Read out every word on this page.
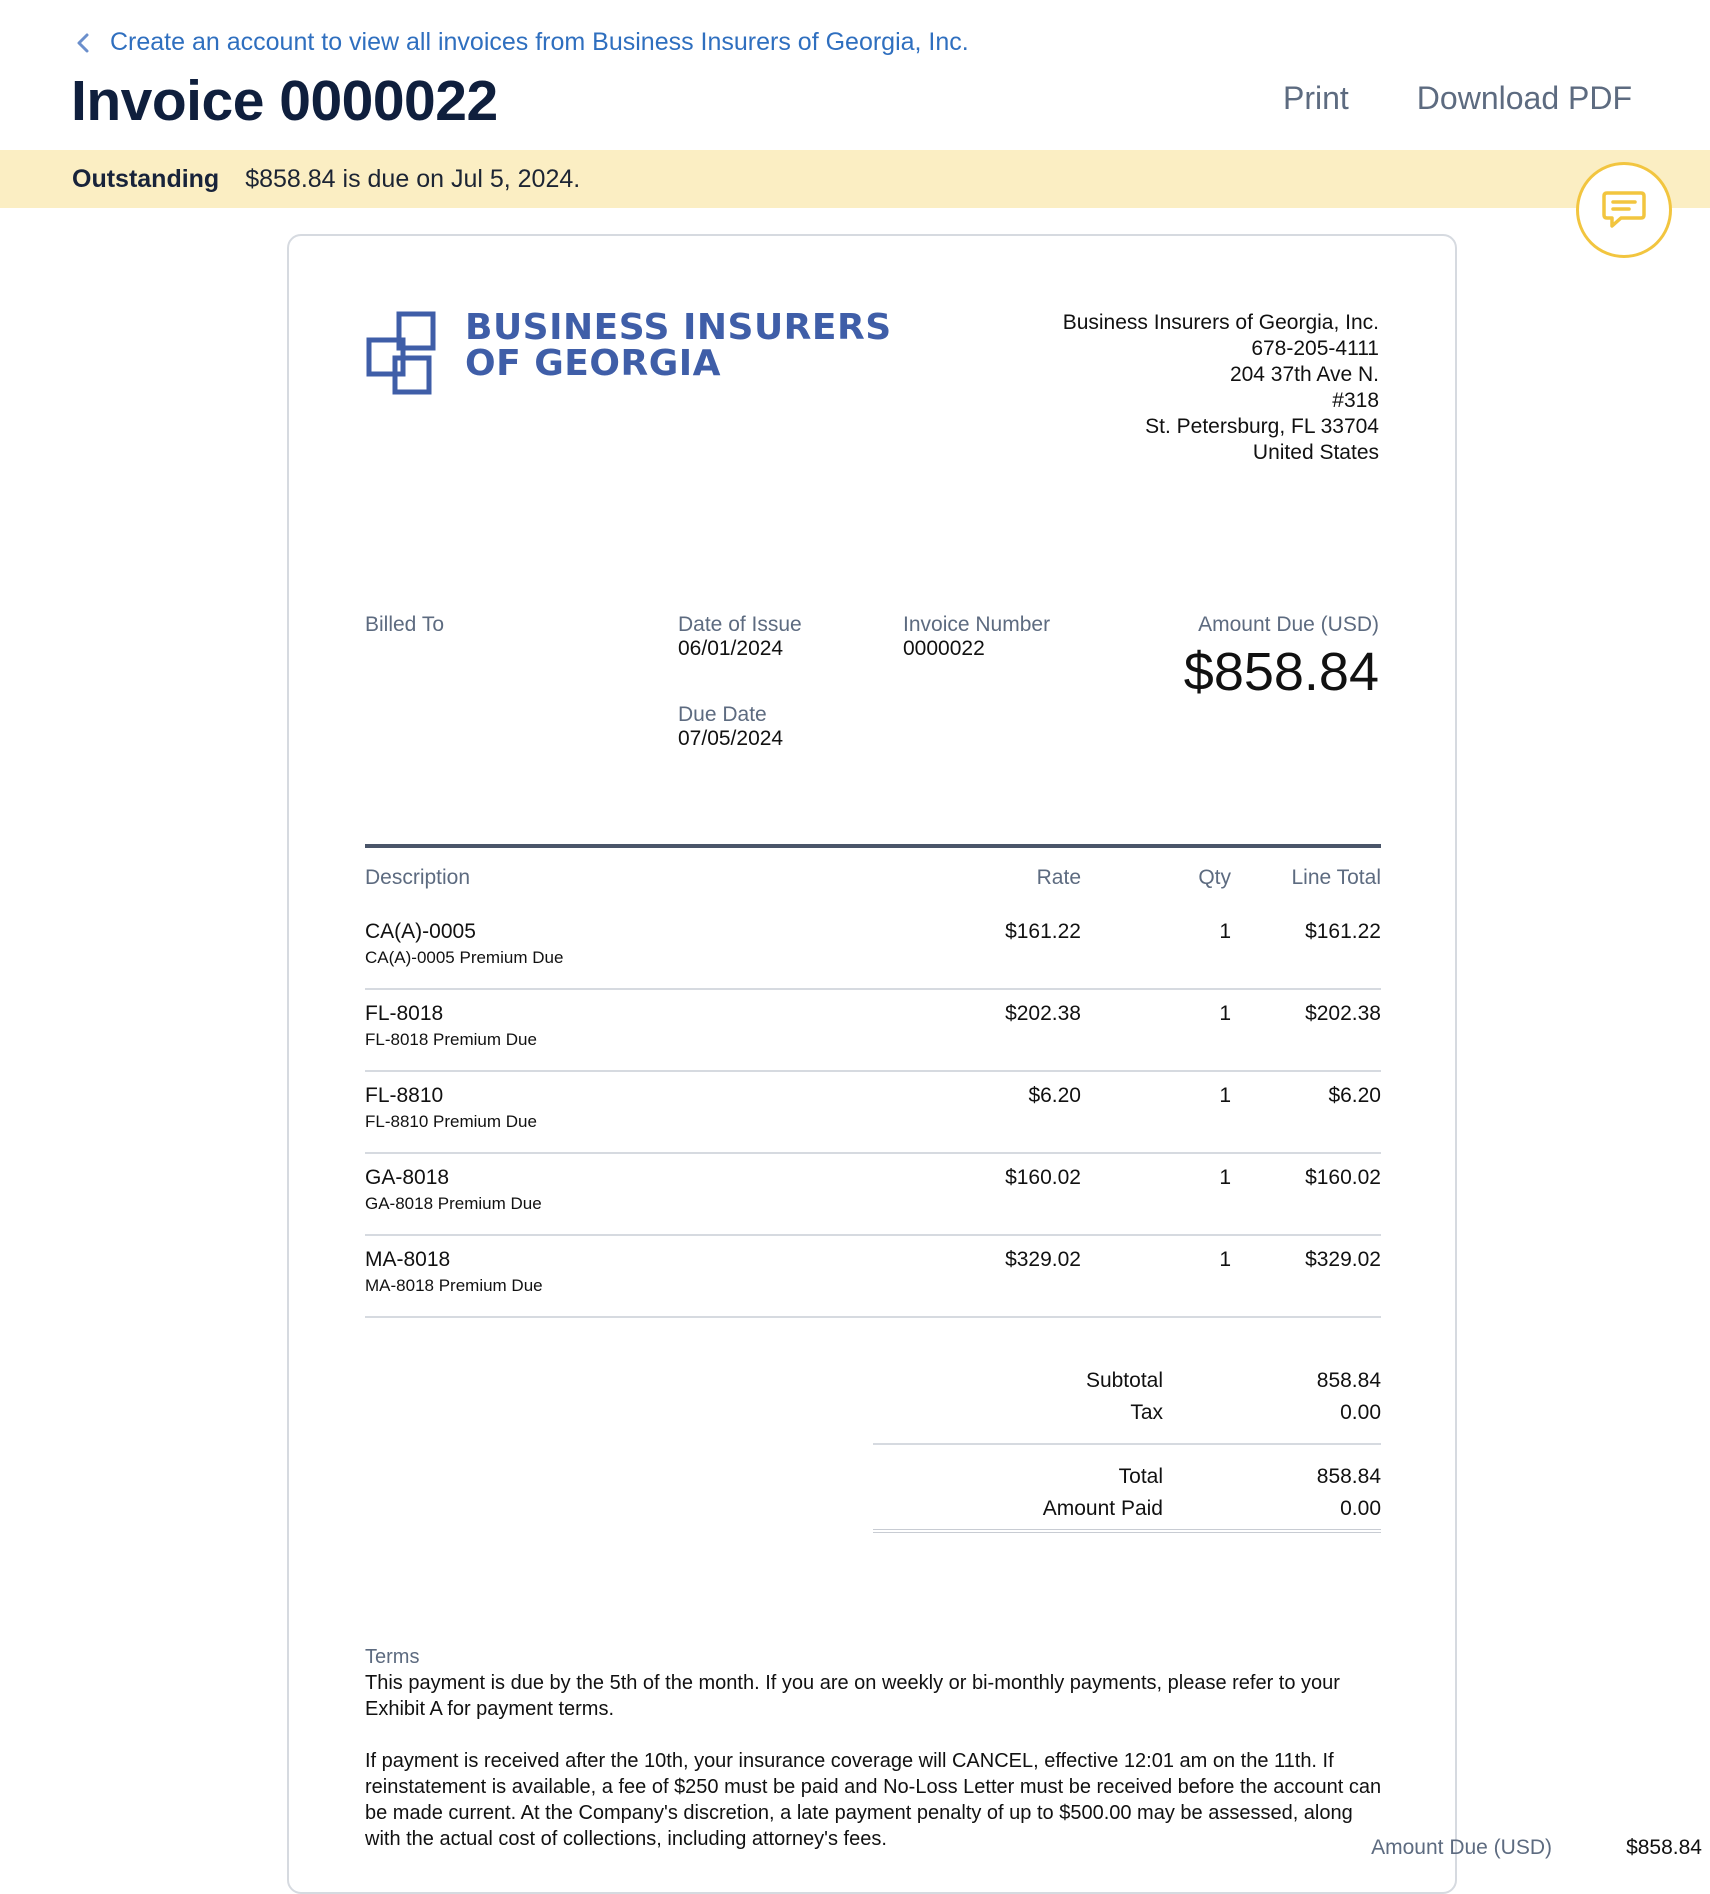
Create an account to view all invoices from Business Insurers of Georgia, Inc.
Invoice 0000022	Print Download PDF
Outstanding $858.84 is due on Jul 5, 2024.
BUSINESS INSURERS
OF GEORGIA
Business Insurers of Georgia, Inc.
678-205-4111
204 37th Ave N.
#318
St. Petersburg, FL 33704
United States
Billed To	Date of Issue
06/01/2024
Due Date
07/05/2024
Invoice Number
0000022
Amount Due (USD)
$858.84
Description	Rate	Qty	Line Total
CA(A)-0005
CA(A)-0005 Premium Due
$161.22	1	$161.22
FL-8018
FL-8018 Premium Due
$202.38	1	$202.38
FL-8810
FL-8810 Premium Due
$6.20	1	$6.20
GA-8018
GA-8018 Premium Due
$160.02	1	$160.02
MA-8018
MA-8018 Premium Due
$329.02	1	$329.02
Subtotal	858.84
Tax	0.00
Total	858.84
Amount Paid	0.00
Amount Due (USD)	$858.84
Terms

This payment is due by the 5th of the month. If you are on weekly or bi-monthly payments, please refer to your Exhibit A for payment terms.

If payment is received after the 10th, your insurance coverage will CANCEL, effective 12:01 am on the 11th. If reinstatement is available, a fee of $250 must be paid and No-Loss Letter must be received before the account can be made current. At the Company's discretion, a late payment penalty of up to $500.00 may be assessed, along with the actual cost of collections, including attorney's fees.
